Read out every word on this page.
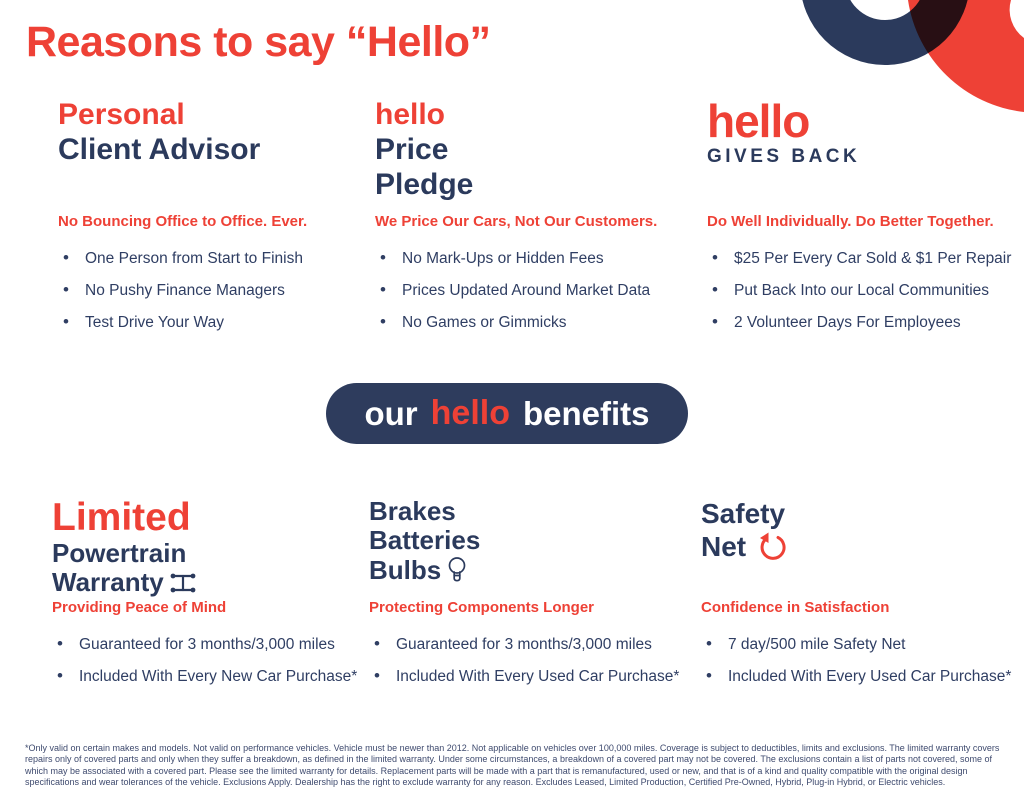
Reasons to say “Hello”
Personal
Client Advisor
No Bouncing Office to Office. Ever.
• One Person from Start to Finish
• No Pushy Finance Managers
• Test Drive Your Way
hello
Price
Pledge
We Price Our Cars, Not Our Customers.
• No Mark-Ups or Hidden Fees
• Prices Updated Around Market Data
• No Games or Gimmicks
hello
GIVES BACK
Do Well Individually. Do Better Together.
• $25 Per Every Car Sold & $1 Per Repair
• Put Back Into our Local Communities
• 2 Volunteer Days For Employees
our hello benefits
Limited
Powertrain
Warranty
Providing Peace of Mind
• Guaranteed for 3 months/3,000 miles
• Included With Every New Car Purchase*
Brakes
Batteries
Bulbs
Protecting Components Longer
• Guaranteed for 3 months/3,000 miles
• Included With Every Used Car Purchase*
Safety
Net
Confidence in Satisfaction
• 7 day/500 mile Safety Net
• Included With Every Used Car Purchase*

*Only valid on certain makes and models. Not valid on performance vehicles. Vehicle must be newer than 2012. Not applicable on vehicles over 100,000 miles. Coverage is subject to deductibles, limits and exclusions. The limited warranty covers repairs only of covered parts and only when they suffer a breakdown, as defined in the limited warranty. Under some circumstances, a breakdown of a covered part may not be covered. The exclusions contain a list of parts not covered, some of which may be associated with a covered part. Please see the limited warranty for details. Replacement parts will be made with a part that is remanufactured, used or new, and that is of a kind and quality compatible with the original design specifications and wear tolerances of the vehicle. Exclusions Apply. Dealership has the right to exclude warranty for any reason. Excludes Leased, Limited Production, Certified Pre-Owned, Hybrid, Plug-in Hybrid, or Electric vehicles.
